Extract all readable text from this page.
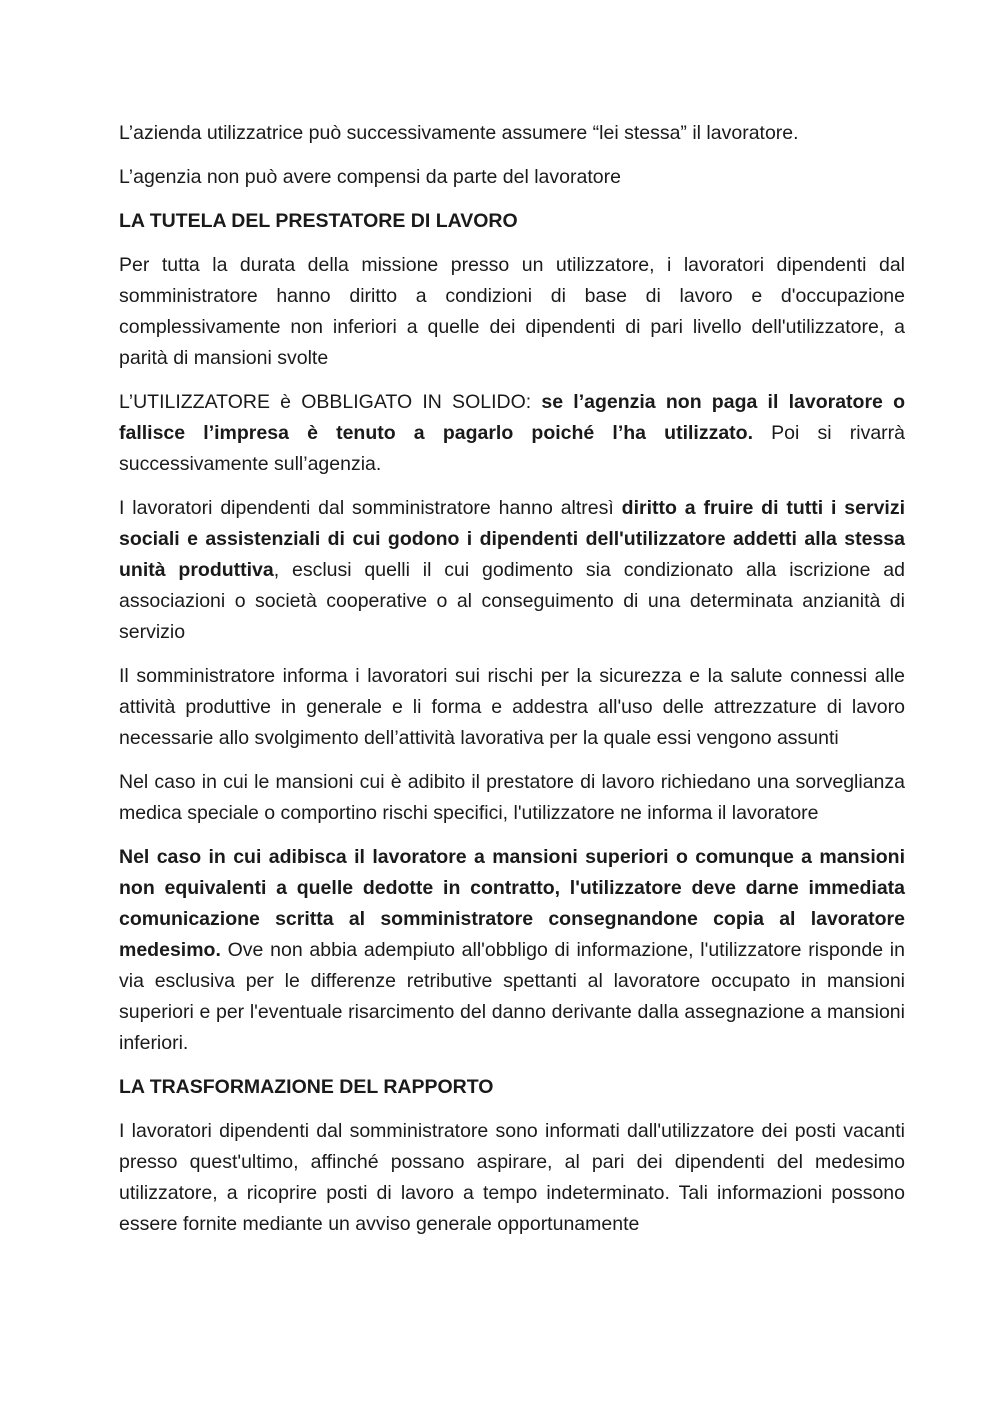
L’azienda utilizzatrice può successivamente assumere “lei stessa” il lavoratore.

L’agenzia non può avere compensi da parte del lavoratore

LA TUTELA DEL PRESTATORE DI LAVORO

Per tutta la durata della missione presso un utilizzatore, i lavoratori dipendenti dal somministratore hanno diritto a condizioni di base di lavoro e d'occupazione complessivamente non inferiori a quelle dei dipendenti di pari livello dell'utilizzatore, a parità di mansioni svolte

L’UTILIZZATORE è OBBLIGATO IN SOLIDO: se l’agenzia non paga il lavoratore o fallisce l’impresa è tenuto a pagarlo poiché l’ha utilizzato. Poi si rivarrà successivamente sull’agenzia.

I lavoratori dipendenti dal somministratore hanno altresì diritto a fruire di tutti i servizi sociali e assistenziali di cui godono i dipendenti dell'utilizzatore addetti alla stessa unità produttiva, esclusi quelli il cui godimento sia condizionato alla iscrizione ad associazioni o società cooperative o al conseguimento di una determinata anzianità di servizio

Il somministratore informa i lavoratori sui rischi per la sicurezza e la salute connessi alle attività produttive in generale e li forma e addestra all'uso delle attrezzature di lavoro necessarie allo svolgimento dell’attività lavorativa per la quale essi vengono assunti

Nel caso in cui le mansioni cui è adibito il prestatore di lavoro richiedano una sorveglianza medica speciale o comportino rischi specifici, l'utilizzatore ne informa il lavoratore

Nel caso in cui adibisca il lavoratore a mansioni superiori o comunque a mansioni non equivalenti a quelle dedotte in contratto, l'utilizzatore deve darne immediata comunicazione scritta al somministratore consegnandone copia al lavoratore medesimo. Ove non abbia adempiuto all'obbligo di informazione, l'utilizzatore risponde in via esclusiva per le differenze retributive spettanti al lavoratore occupato in mansioni superiori e per l'eventuale risarcimento del danno derivante dalla assegnazione a mansioni inferiori.

LA TRASFORMAZIONE DEL RAPPORTO

I lavoratori dipendenti dal somministratore sono informati dall'utilizzatore dei posti vacanti presso quest'ultimo, affinché possano aspirare, al pari dei dipendenti del medesimo utilizzatore, a ricoprire posti di lavoro a tempo indeterminato. Tali informazioni possono essere fornite mediante un avviso generale opportunamente
